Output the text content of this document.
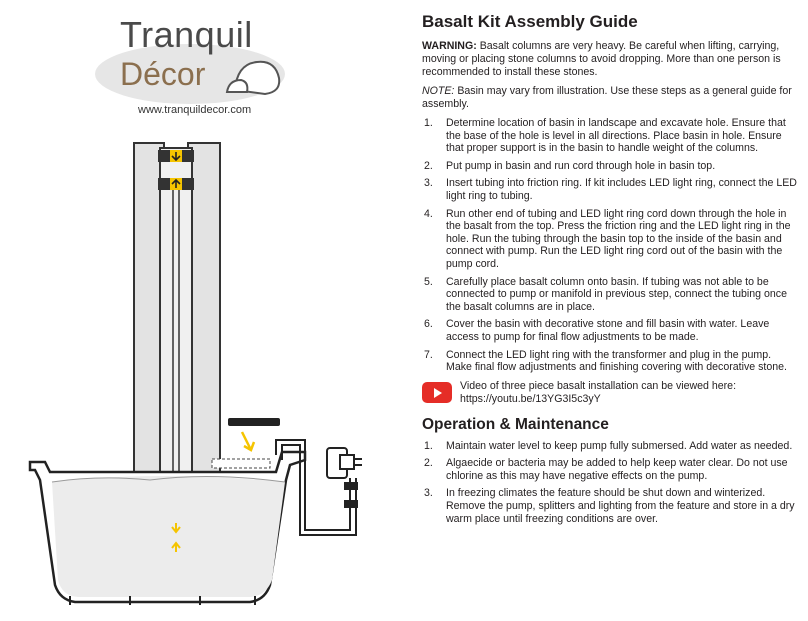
Tranquil
Décor
www.tranquildecor.com
Basalt Kit Assembly Guide

WARNING: Basalt columns are very heavy. Be careful when lifting, carrying, moving or placing stone columns to avoid dropping. More than one person is recommended to install these stones.

NOTE: Basin may vary from illustration. Use these steps as a general guide for assembly.

1.	Determine location of basin in landscape and excavate hole. Ensure that the base of the hole is level in all directions. Place basin in hole. Ensure that proper support is in the basin to handle weight of the columns.
2.	Put pump in basin and run cord through hole in basin top.
3.	Insert tubing into friction ring. If kit includes LED light ring, connect the LED light ring to tubing.
4.	Run other end of tubing and LED light ring cord down through the hole in the basalt from the top. Press the friction ring and the LED light ring in the hole. Run the tubing through the basin top to the inside of the basin and connect with pump. Run the LED light ring cord out of the basin with the pump cord.
5.	Carefully place basalt column onto basin. If tubing was not able to be connected to pump or manifold in previous step, connect the tubing once the basalt columns are in place.
6.	Cover the basin with decorative stone and fill basin with water. Leave access to pump for final flow adjustments to be made.
7.	Connect the LED light ring with the transformer and plug in the pump. Make final flow adjustments and finishing covering with decorative stone.
Video of three piece basalt installation can be viewed here:
https://youtu.be/13YG3I5c3yY
Operation & Maintenance
1.	Maintain water level to keep pump fully submersed. Add water as needed.
2.	Algaecide or bacteria may be added to help keep water clear. Do not use chlorine as this may have negative effects on the pump.
3.	In freezing climates the feature should be shut down and winterized. Remove the pump, splitters and lighting from the feature and store in a dry warm place until freezing conditions are over.
